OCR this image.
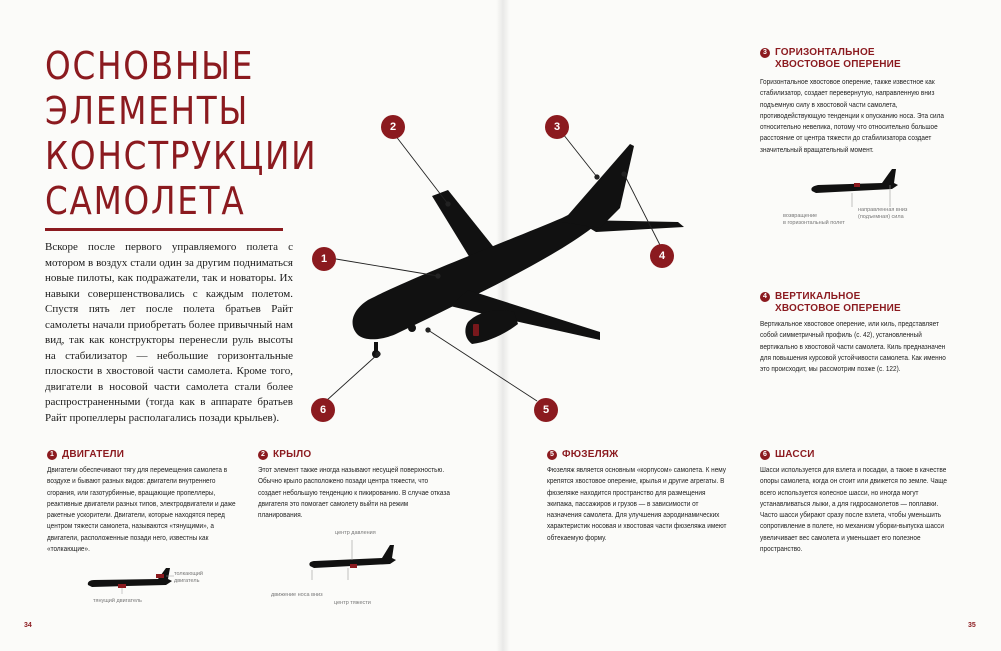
ОСНОВНЫЕ
ЭЛЕМЕНТЫ
КОНСТРУКЦИИ
САМОЛЕТА

Вскоре после первого управляемого полета с мотором в воздух стали один за другим подниматься новые пилоты, как подражатели, так и новаторы. Их навыки совершенствовались с каждым полетом. Спустя пять лет после полета братьев Райт самолеты начали приобретать более привычный нам вид, так как конструкторы перенесли руль высоты на стабилизатор — небольшие горизонтальные плоскости в хвостовой части самолета. Кроме того, двигатели в носовой части самолета стали более распространенными (тогда как в аппарате братьев Райт пропеллеры располагались позади крыльев).

1
2	3
4
5
6
3 ГОРИЗОНТАЛЬНОЕ
ХВОСТОВОЕ ОПЕРЕНИЕ

Горизонтальное хвостовое оперение, также известное как стабилизатор, создает перевернутую, направленную вниз подъемную силу в хвостовой части самолета, противодействующую тенденции к опусканию носа. Эта сила относительно невелика, потому что относительно большое расстояние от центра тяжести до стабилизатора создает значительный вращательный момент.

возвращение
в горизонтальный полет
направленная вниз
(подъемная) сила
4 ВЕРТИКАЛЬНОЕ
ХВОСТОВОЕ ОПЕРЕНИЕ

Вертикальное хвостовое оперение, или киль, представляет собой симметричный профиль (с. 42), установленный вертикально в хвостовой части самолета. Киль предназначен для повышения курсовой устойчивости самолета. Как именно это происходит, мы рассмотрим позже (с. 122).

1 ДВИГАТЕЛИ

Двигатели обеспечивают тягу для перемещения самолета в воздухе и бывают разных видов: двигатели внутреннего сгорания, или газотурбинные, вращающие пропеллеры, реактивные двигатели разных типов, электродвигатели и даже ракетные ускорители. Двигатели, которые находятся перед центром тяжести самолета, называются «тянущими», а двигатели, расположенные позади него, известны как «толкающие».

толкающий
двигатель
тянущий двигатель
2 КРЫЛО

Этот элемент также иногда называют несущей поверхностью. Обычно крыло расположено позади центра тяжести, что создает небольшую тенденцию к пикированию. В случае отказа двигателя это помогает самолету выйти на режим планирования.

центр давления
движение носа вниз
центр тяжести
5 ФЮЗЕЛЯЖ

Фюзеляж является основным «корпусом» самолета. К нему крепятся хвостовое оперение, крылья и другие агрегаты. В фюзеляже находится пространство для размещения экипажа, пассажиров и грузов — в зависимости от назначения самолета. Для улучшения аэродинамических характеристик носовая и хвостовая части фюзеляжа имеют обтекаемую форму.

6 ШАССИ

Шасси используется для взлета и посадки, а также в качестве опоры самолета, когда он стоит или движется по земле. Чаще всего используется колесное шасси, но иногда могут устанавливаться лыжи, а для гидросамолетов — поплавки. Часто шасси убирают сразу после взлета, чтобы уменьшить сопротивление в полете, но механизм уборки-выпуска шасси увеличивает вес самолета и уменьшает его полезное пространство.

34	35
